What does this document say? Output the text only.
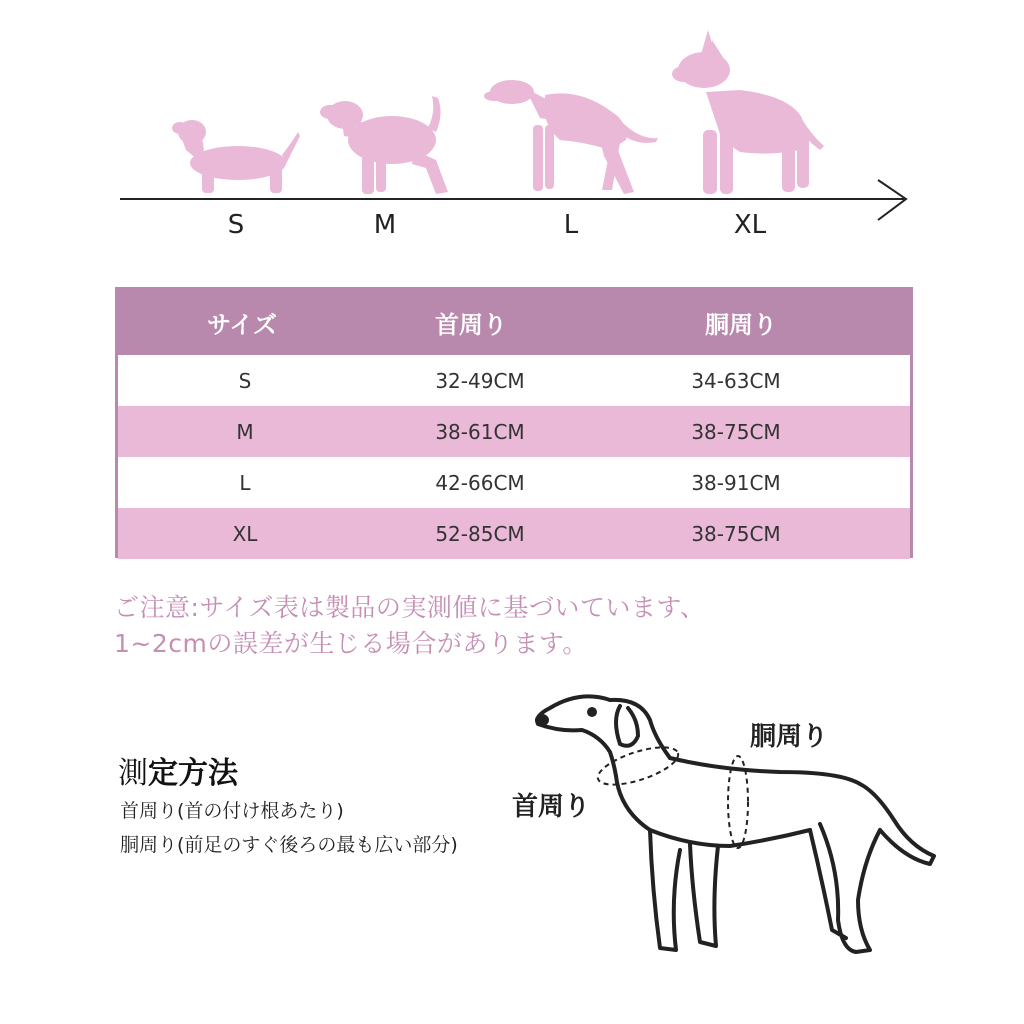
S	M	L	XL
サイズ	首周り	胴周り
S	32-49CM	34-63CM
M	38-61CM	38-75CM
L	42-66CM	38-91CM
XL	52-85CM	38-75CM
ご注意:サイズ表は製品の実測値に基づいています、
1~2cmの誤差が生じる場合があります。
測定方法
首周り(首の付け根あたり)
胴周り(前足のすぐ後ろの最も広い部分)
胴周り
首周り
